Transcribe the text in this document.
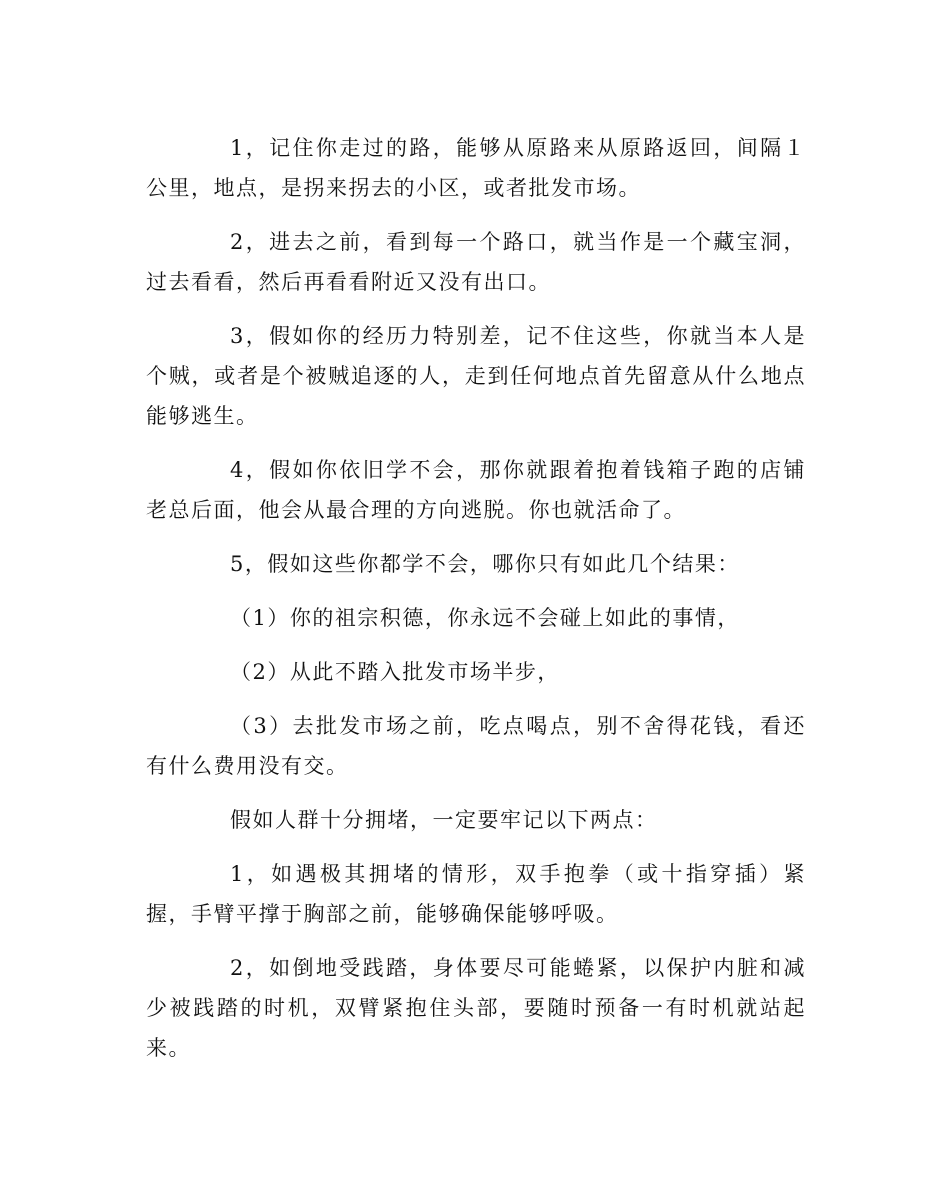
1，记住你走过的路，能够从原路来从原路返回，间隔１公里，地点，是拐来拐去的小区，或者批发市场。

2，进去之前，看到每一个路口，就当作是一个藏宝洞，过去看看，然后再看看附近又没有出口。

3，假如你的经历力特别差，记不住这些，你就当本人是个贼，或者是个被贼追逐的人，走到任何地点首先留意从什么地点能够逃生。

4，假如你依旧学不会，那你就跟着抱着钱箱子跑的店铺老总后面，他会从最合理的方向逃脱。你也就活命了。

5，假如这些你都学不会，哪你只有如此几个结果：

（1）你的祖宗积德，你永远不会碰上如此的事情，

（2）从此不踏入批发市场半步，

（3）去批发市场之前，吃点喝点，别不舍得花钱，看还有什么费用没有交。

假如人群十分拥堵，一定要牢记以下两点：

1，如遇极其拥堵的情形，双手抱拳（或十指穿插）紧握，手臂平撑于胸部之前，能够确保能够呼吸。

2，如倒地受践踏，身体要尽可能蜷紧，以保护内脏和减少被践踏的时机，双臂紧抱住头部，要随时预备一有时机就站起来。
